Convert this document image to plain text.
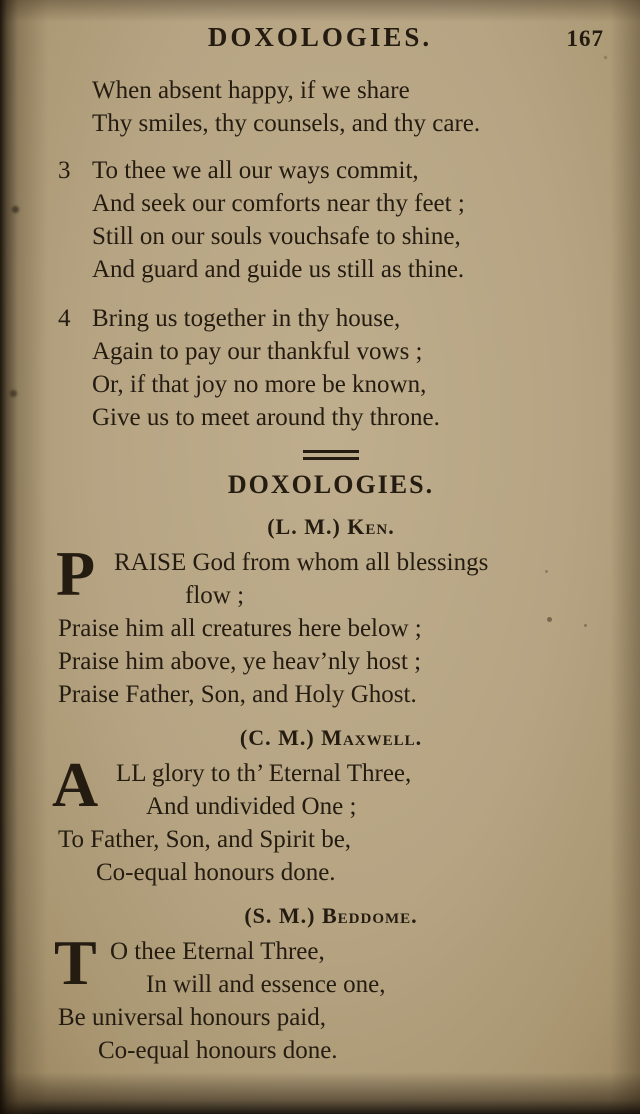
DOXOLOGIES.	167
When absent happy, if we share
Thy smiles, thy counsels, and thy care.
3 To thee we all our ways commit,
And seek our comforts near thy feet ;
Still on our souls vouchsafe to shine,
And guard and guide us still as thine.
4 Bring us together in thy house,
Again to pay our thankful vows ;
Or, if that joy no more be known,
Give us to meet around thy throne.
DOXOLOGIES.
(L. M.) Ken.
P RAISE God from whom all blessings
flow ;
Praise him all creatures here below ;
Praise him above, ye heav’nly host ;
Praise Father, Son, and Holy Ghost.
(C. M.) Maxwell.
A LL glory to th’ Eternal Three,
And undivided One ;
To Father, Son, and Spirit be,
Co-equal honours done.
(S. M.) Beddome.
T O thee Eternal Three,
In will and essence one,
Be universal honours paid,
Co-equal honours done.
